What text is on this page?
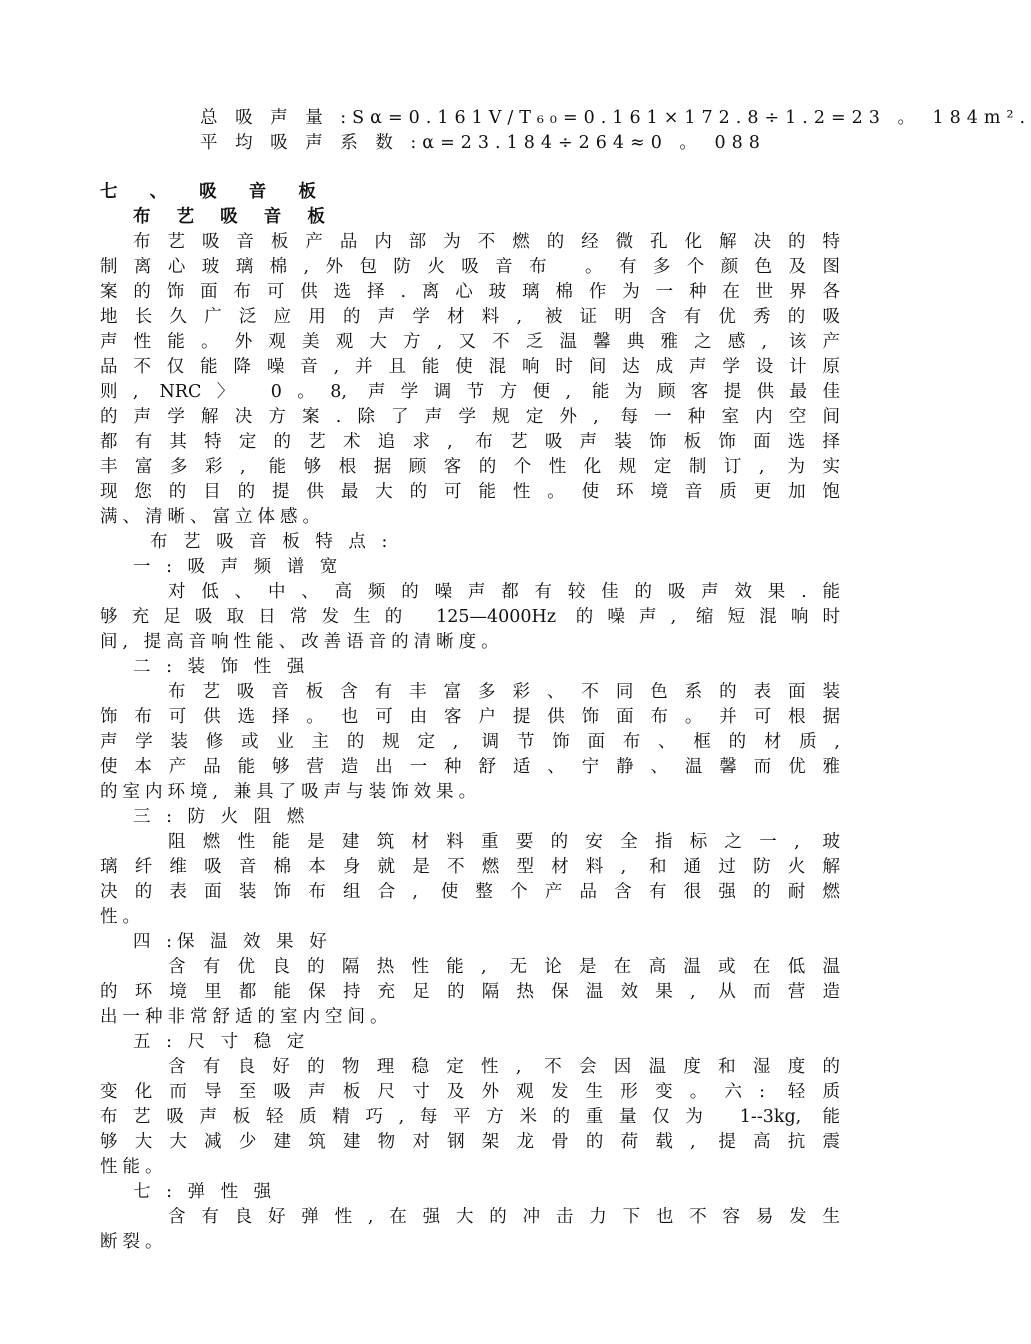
总 吸 声 量 :Sα=0.161V/T₆₀=0.161×172.8÷1.2=23 。 184m².
平 均 吸 声 系 数 :α=23.184÷264≈0 。 088
七 、 吸 音 板
布 艺 吸 音 板
布艺吸音板产品内部为不燃的经微孔化解决的特
制离心玻璃棉,外包防火吸音布 。有多个颜色及图
案的饰面布可供选择.离心玻璃棉作为一种在世界各
地长久广泛应用的声学材料, 被证明含有优秀的吸
声性能。外观美观大方,又不乏温馨典雅之感, 该产
品不仅能降噪音,并且能使混响时间达成声学设计原
则, NRC〉 0。8, 声学调节方便, 能为顾客提供最佳
的声学解决方案.除了声学规定外, 每一种室内空间
都有其特定的艺术追求, 布艺吸声装饰板饰面选择
丰富多彩, 能够根据顾客的个性化规定制订, 为实
现您的目的提供最大的可能性。使环境音质更加饱
满、清晰、富立体感。
布 艺 吸 音 板 特 点 :
一 : 吸 声 频 谱 宽
对低、中、高频的噪声都有较佳的吸声效果.能
够充足吸取日常发生的 125—4000Hz 的噪声, 缩短混响时
间, 提高音响性能、改善语音的清晰度。
二 : 装 饰 性 强
布艺吸音板含有丰富多彩、不同色系的表面装
饰布可供选择。也可由客户提供饰面布。并可根据
声学装修或业主的规定, 调节饰面布、框的材质,
使本产品能够营造出一种舒适、宁静、温馨而优雅
的室内环境, 兼具了吸声与装饰效果。
三 : 防 火 阻 燃
阻燃性能是建筑材料重要的安全指标之一, 玻
璃纤维吸音棉本身就是不燃型材料, 和通过防火解
决的表面装饰布组合, 使整个产品含有很强的耐燃
性。
四 :保 温 效 果 好
含有优良的隔热性能, 无论是在高温或在低温
的环境里都能保持充足的隔热保温效果, 从而营造
出一种非常舒适的室内空间。
五 : 尺 寸 稳 定
含有良好的物理稳定性, 不会因温度和湿度的
变化而导至吸声板尺寸及外观发生形变。六: 轻质
布艺吸声板轻质精巧,每平方米的重量仅为 1--3kg, 能
够大大减少建筑建物对钢架龙骨的荷载, 提高抗震
性能。
七 : 弹 性 强
含有良好弹性,在强大的冲击力下也不容易发生
断裂。
